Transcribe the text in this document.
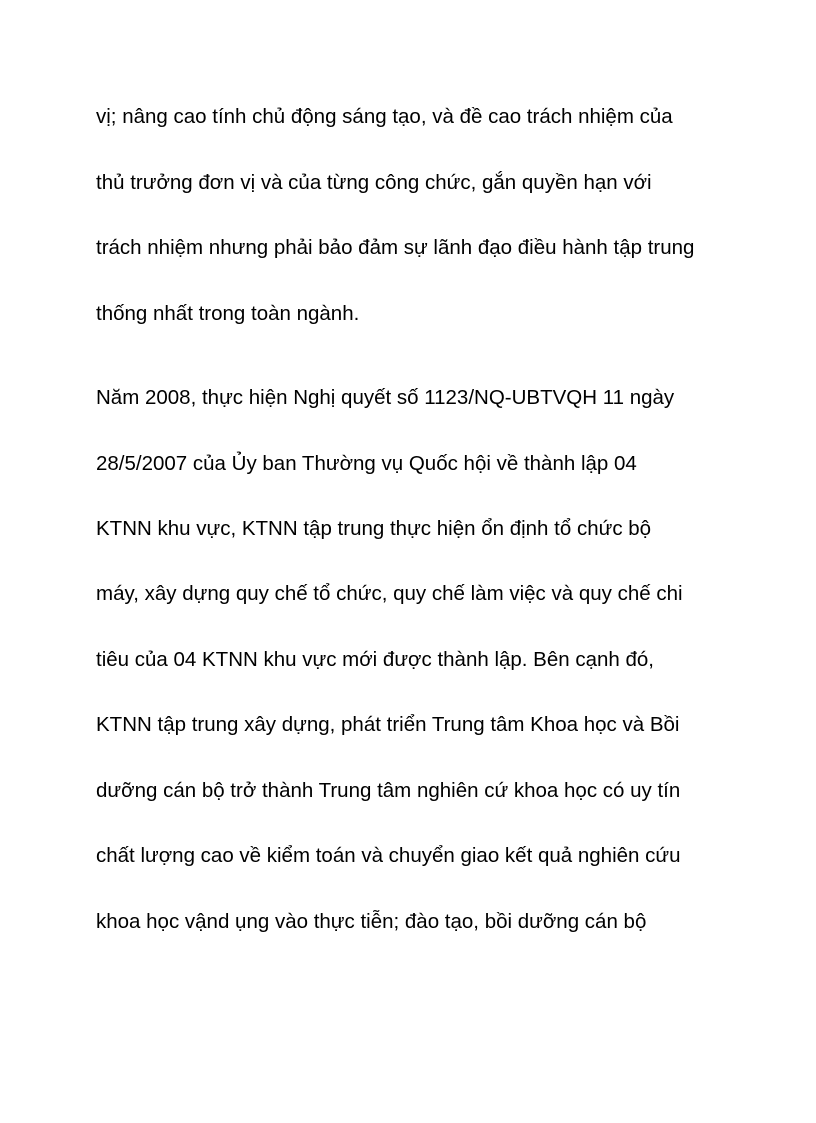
vị; nâng cao tính chủ động sáng tạo, và đề cao trách nhiệm của
thủ trưởng đơn vị và của từng công chức, gắn quyền hạn với
trách nhiệm nhưng phải bảo đảm sự lãnh đạo điều hành tập trung
thống nhất trong toàn ngành.
Năm 2008, thực hiện Nghị quyết số 1123/NQ-UBTVQH 11 ngày
28/5/2007 của Ủy ban Thường vụ Quốc hội về thành lập 04
KTNN khu vực, KTNN tập trung thực hiện ổn định tổ chức bộ
máy, xây dựng quy chế tổ chức, quy chế làm việc và quy chế chi
tiêu của 04 KTNN khu vực mới được thành lập. Bên cạnh đó,
KTNN tập trung xây dựng, phát triển Trung tâm Khoa học và Bồi
dưỡng cán bộ trở thành Trung tâm nghiên cứ khoa học có uy tín
chất lượng cao về kiểm toán và chuyển giao kết quả nghiên cứu
khoa học vậnd ụng vào thực tiễn; đào tạo, bồi dưỡng cán bộ
